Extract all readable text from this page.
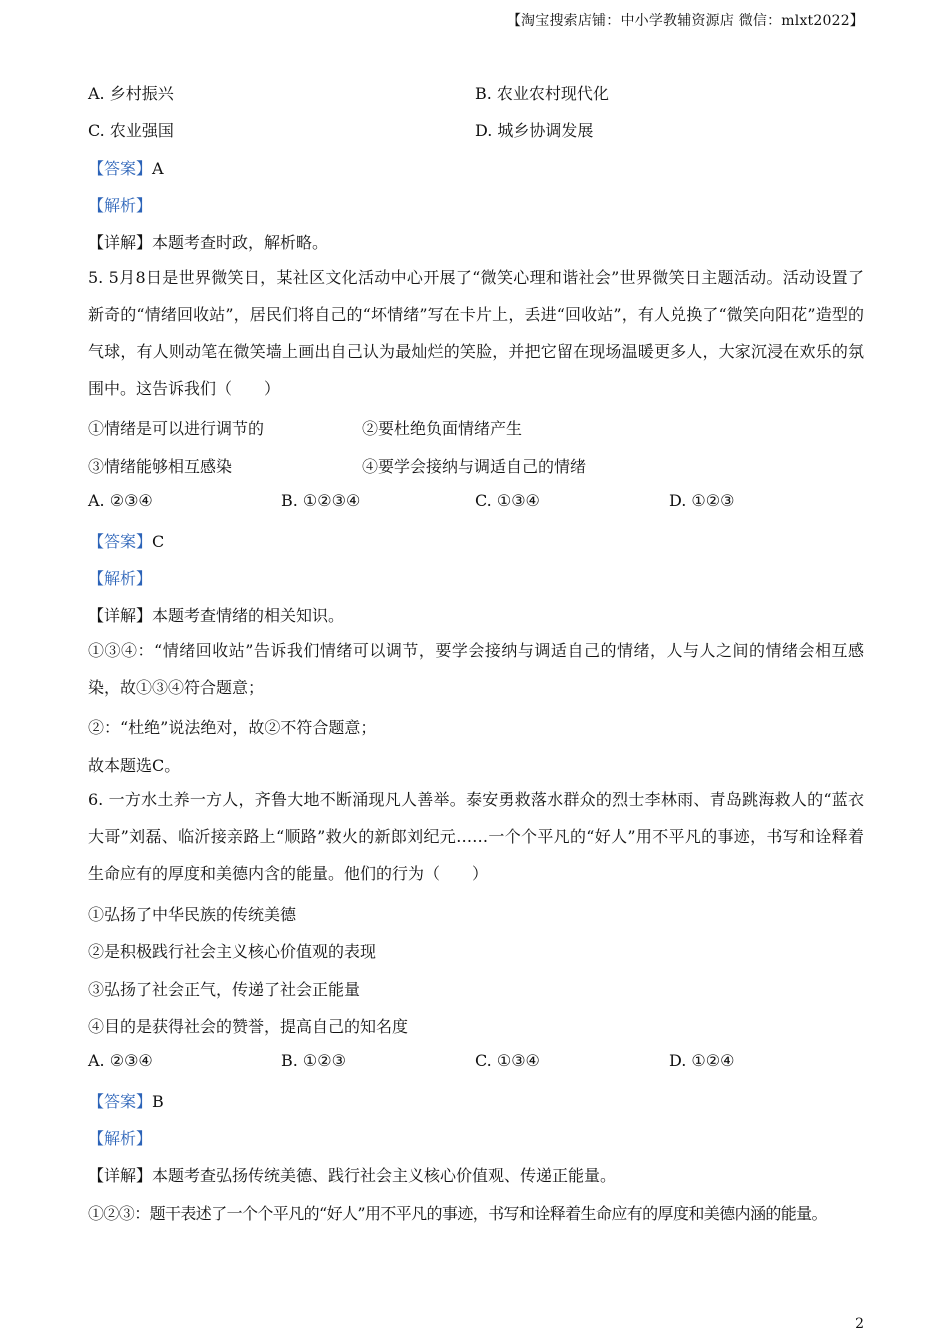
【淘宝搜索店铺：中小学教辅资源店 微信：mlxt2022】
A. 乡村振兴	B. 农业农村现代化
C. 农业强国	D. 城乡协调发展
【答案】A
【解析】
【详解】本题考查时政，解析略。
5. 5月8日是世界微笑日，某社区文化活动中心开展了“微笑心理和谐社会”世界微笑日主题活动。活动设置了新奇的“情绪回收站”，居民们将自己的“坏情绪”写在卡片上，丢进“回收站”，有人兑换了“微笑向阳花”造型的气球，有人则动笔在微笑墙上画出自己认为最灿烂的笑脸，并把它留在现场温暖更多人，大家沉浸在欢乐的氛围中。这告诉我们（　　）
①情绪是可以进行调节的	②要杜绝负面情绪产生
③情绪能够相互感染	④要学会接纳与调适自己的情绪
A. ②③④	B. ①②③④	C. ①③④	D. ①②③
【答案】C
【解析】
【详解】本题考查情绪的相关知识。
①③④：“情绪回收站”告诉我们情绪可以调节，要学会接纳与调适自己的情绪，人与人之间的情绪会相互感染，故①③④符合题意；
②：“杜绝”说法绝对，故②不符合题意；
故本题选C。
6. 一方水土养一方人，齐鲁大地不断涌现凡人善举。泰安勇救落水群众的烈士李林雨、青岛跳海救人的“蓝衣大哥”刘磊、临沂接亲路上“顺路”救火的新郎刘纪元……一个个平凡的“好人”用不平凡的事迹，书写和诠释着生命应有的厚度和美德内含的能量。他们的行为（　　）
①弘扬了中华民族的传统美德
②是积极践行社会主义核心价值观的表现
③弘扬了社会正气，传递了社会正能量
④目的是获得社会的赞誉，提高自己的知名度
A. ②③④	B. ①②③	C. ①③④	D. ①②④
【答案】B
【解析】
【详解】本题考查弘扬传统美德、践行社会主义核心价值观、传递正能量。
①②③：题干表述了一个个平凡的“好人”用不平凡的事迹，书写和诠释着生命应有的厚度和美德内涵的能量。
2
